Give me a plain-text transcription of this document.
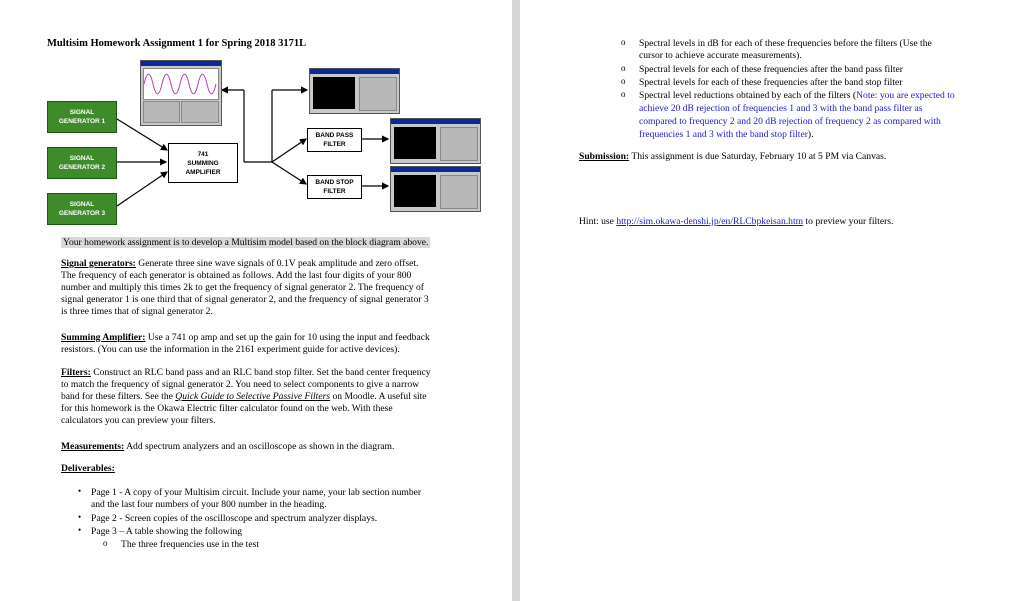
Multisim Homework Assignment 1 for Spring 2018 3171L
SIGNAL
GENERATOR 1
SIGNAL
GENERATOR 2
SIGNAL
GENERATOR 3
741
SUMMING
AMPLIFIER
BAND PASS
FILTER
BAND STOP
FILTER
Your homework assignment is to develop a Multisim model based on the block diagram above.
Signal generators: Generate three sine wave signals of 0.1V peak amplitude and zero offset.
The frequency of each generator is obtained as follows. Add the last four digits of your 800
number and multiply this times 2k to get the frequency of signal generator 2. The frequency of
signal generator 1 is one third that of signal generator 2, and the frequency of signal generator 3
is three times that of signal generator 2.
Summing Amplifier: Use a 741 op amp and set up the gain for 10 using the input and feedback
resistors. (You can use the information in the 2161 experiment guide for active devices).
Filters: Construct an RLC band pass and an RLC band stop filter. Set the band center frequency
to match the frequency of signal generator 2. You need to select components to give a narrow
band for these filters. See the Quick Guide to Selective Passive Filters on Moodle. A useful site
for this homework is the Okawa Electric filter calculator found on the web. With these
calculators you can preview your filters.
Measurements: Add spectrum analyzers and an oscilloscope as shown in the diagram.
Deliverables:
• Page 1 - A copy of your Multisim circuit. Include your name, your lab section number
and the last four numbers of your 800 number in the heading.
• Page 2 - Screen copies of the oscilloscope and spectrum analyzer displays.
• Page 3 – A table showing the following
o The three frequencies use in the test
o Spectral levels in dB for each of these frequencies before the filters (Use the
cursor to achieve accurate measurements).
o Spectral levels for each of these frequencies after the band pass filter
o Spectral levels for each of these frequencies after the band stop filter
o Spectral level reductions obtained by each of the filters (Note: you are expected to
achieve 20 dB rejection of frequencies 1 and 3 with the band pass filter as
compared to frequency 2 and 20 dB rejection of frequency 2 as compared with
frequencies 1 and 3 with the band stop filter).
Submission: This assignment is due Saturday, February 10 at 5 PM via Canvas.
Hint: use http://sim.okawa-denshi.jp/en/RLCbpkeisan.htm to preview your filters.
